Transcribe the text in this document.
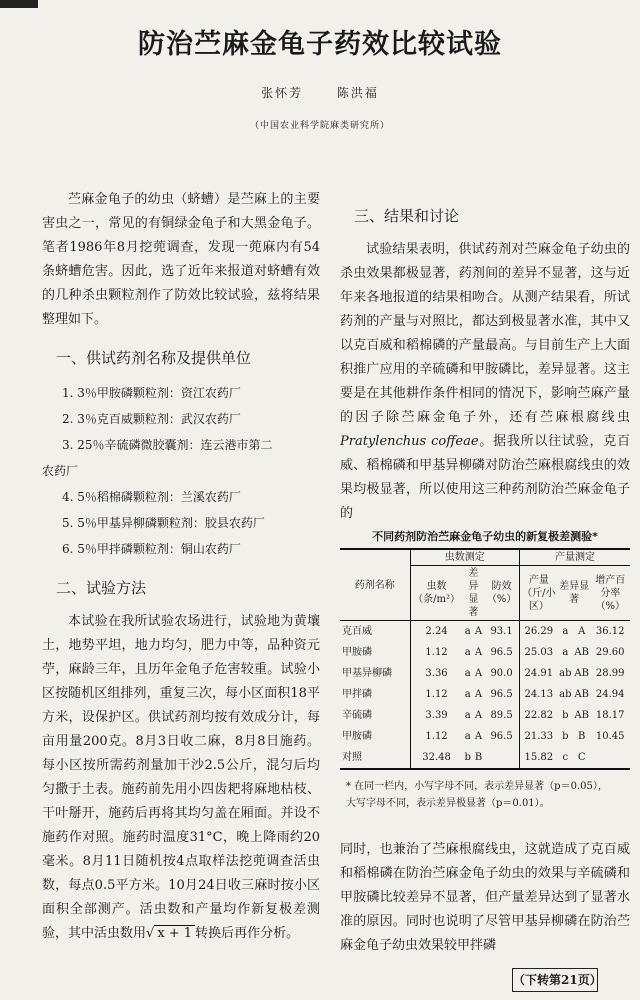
防治苎麻金龟子药效比较试验
张怀芳	陈洪福
（中国农业科学院麻类研究所）

苎麻金龟子的幼虫（蛴螬）是苎麻上的主要害虫之一，常见的有铜绿金龟子和大黑金龟子。笔者1986年8月挖蔸调查，发现一蔸麻内有54条蛴螬危害。因此，选了近年来报道对蛴螬有效的几种杀虫颗粒剂作了防效比较试验，兹将结果整理如下。

一、供试药剂名称及提供单位
1. 3％甲胺磷颗粒剂：资江农药厂
2. 3％克百威颗粒剂：武汉农药厂
3. 25％辛硫磷微胶囊剂：连云港市第二
农药厂
4. 5％稻棉磷颗粒剂：兰溪农药厂
5. 5％甲基异柳磷颗粒剂：胶县农药厂
6. 5％甲拌磷颗粒剂：铜山农药厂
二、试验方法

本试验在我所试验农场进行，试验地为黄壤土，地势平坦，地力均匀，肥力中等，品种资元苧，麻龄三年，且历年金龟子危害较重。试验小区按随机区组排列，重复三次，每小区面积18平方米，设保护区。供试药剂均按有效成分计，每亩用量200克。8月3日收二麻，8月8日施药。每小区按所需药剂量加干沙2.5公斤，混匀后均匀撒于土表。施药前先用小四齿耙将麻地枯枝、干叶掰开，施药后再将其均匀盖在厢面。并设不施药作对照。施药时温度31°C，晚上降雨约20毫米。8月11日随机按4点取样法挖蔸调查活虫数，每点0.5平方米。10月24日收三麻时按小区面积全部测产。活虫数和产量均作新复极差测验，其中活虫数用√ x + 1 转换后再作分析。

三、结果和讨论

试验结果表明，供试药剂对苎麻金龟子幼虫的杀虫效果都极显著，药剂间的差异不显著，这与近年来各地报道的结果相吻合。从测产结果看，所试药剂的产量与对照比，都达到极显著水准，其中又以克百威和稻棉磷的产量最高。与目前生产上大面积推广应用的辛硫磷和甲胺磷比，差异显著。这主要是在其他耕作条件相同的情况下，影响苎麻产量的因子除苎麻金龟子外，还有苎麻根腐线虫Pratylenchus coffeae。据我所以往试验，克百威、稻棉磷和甲基异柳磷对防治苎麻根腐线虫的效果均极显著，所以使用这三种药剂防治苎麻金龟子的

不同药剂防治苎麻金龟子幼虫的新复极差测验*
药剂名称	虫数测定				产量测定			
	虫数（条/m²）	差异显著		防效（%）	产量（斤/小区）	差异显著		增产百分率（%）
克百威	2.24	a	A	93.1	26.29	a	A	36.12
甲胺磷	1.12	a	A	96.5	25.03	a	AB	29.60
甲基异柳磷	3.36	a	A	90.0	24.91	ab	AB	28.99
甲拌磷	1.12	a	A	96.5	24.13	ab	AB	24.94
辛硫磷	3.39	a	A	89.5	22.82	b	AB	18.17
甲胺磷	1.12	a	A	96.5	21.33	b	B	10.45
对照	32.48	b	B		15.82	c	C	
* 在同一栏内，小写字母不同，表示差异显著（p＝0.05），
大写字母不同，表示差异极显著（p＝0.01）。

同时，也兼治了苎麻根腐线虫，这就造成了克百威和稻棉磷在防治苎麻金龟子幼虫的效果与辛硫磷和甲胺磷比较差异不显著，但产量差异达到了显著水准的原因。同时也说明了尽管甲基异柳磷在防治苎麻金龟子幼虫效果较甲拌磷

（下转第21页）
